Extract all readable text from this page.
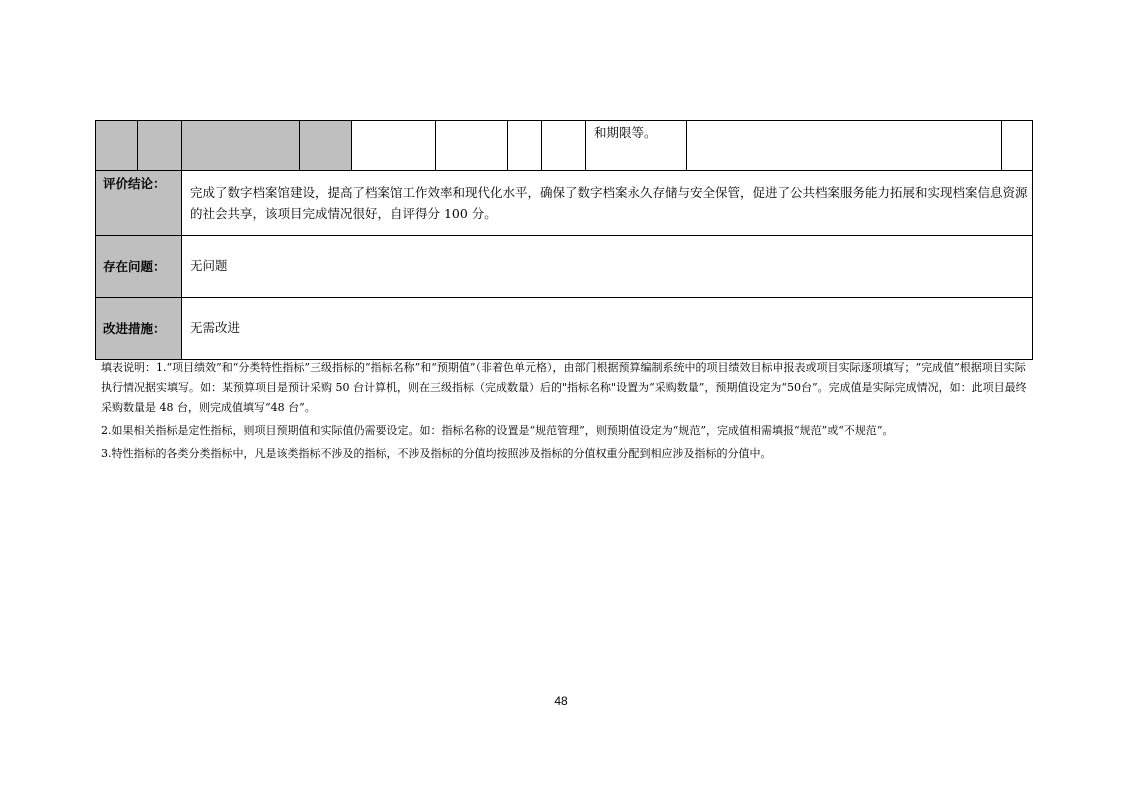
和期限等。
评价结论：
完成了数字档案馆建设，提高了档案馆工作效率和现代化水平，确保了数字档案永久存储与安全保管，促进了公共档案服务能力拓展和实现档案信息资源的社会共享，该项目完成情况很好，自评得分 100 分。
存在问题：	无问题
改进措施：	无需改进

填表说明：1.“项目绩效”和“分类特性指标”三级指标的“指标名称”和“预期值”（非着色单元格），由部门根据预算编制系统中的项目绩效目标申报表或项目实际逐项填写；“完成值”根据项目实际执行情况据实填写。如：某预算项目是预计采购 50 台计算机，则在三级指标（完成数量）后的"指标名称"设置为“采购数量”，预期值设定为“50台”。完成值是实际完成情况，如：此项目最终采购数量是 48 台，则完成值填写“48 台”。

2.如果相关指标是定性指标，则项目预期值和实际值仍需要设定。如：指标名称的设置是“规范管理”，则预期值设定为“规范”，完成值相需填报“规范”或“不规范”。

3.特性指标的各类分类指标中，凡是该类指标不涉及的指标，不涉及指标的分值均按照涉及指标的分值权重分配到相应涉及指标的分值中。

48
